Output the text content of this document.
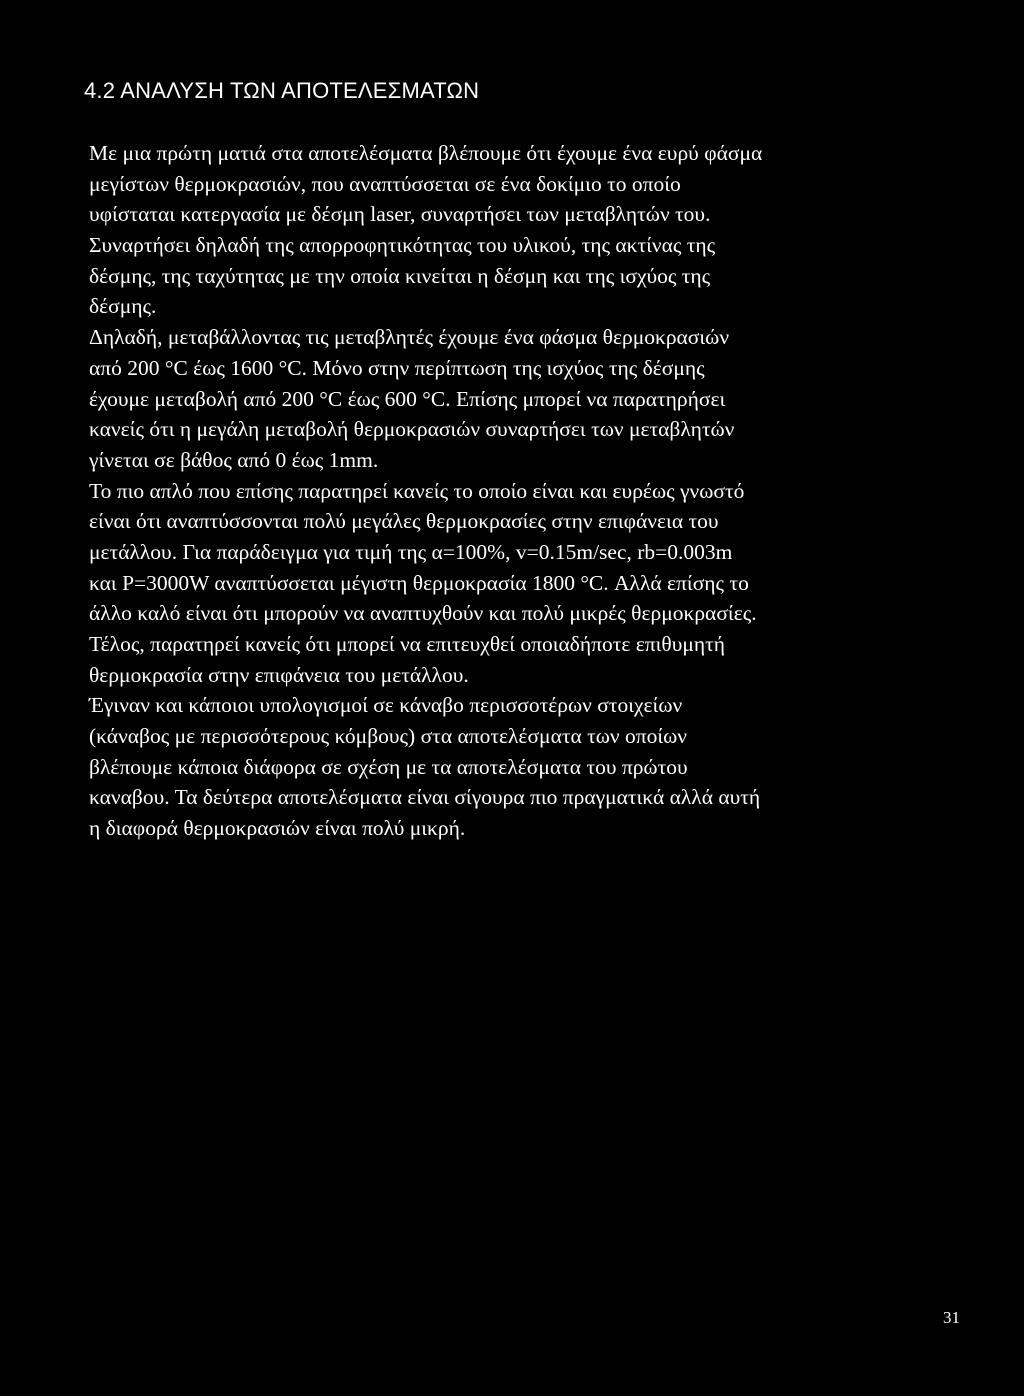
4.2 ΑΝΑΛΥΣΗ ΤΩΝ ΑΠΟΤΕΛΕΣΜΑΤΩΝ
Με μια πρώτη ματιά στα αποτελέσματα βλέπουμε ότι έχουμε ένα ευρύ φάσμα
μεγίστων θερμοκρασιών, που αναπτύσσεται σε ένα δοκίμιο το οποίο
υφίσταται κατεργασία με δέσμη laser, συναρτήσει των μεταβλητών του.
Συναρτήσει δηλαδή της απορροφητικότητας του υλικού, της ακτίνας της
δέσμης, της ταχύτητας με την οποία κινείται η δέσμη και της ισχύος της
δέσμης.
Δηλαδή, μεταβάλλοντας τις μεταβλητές έχουμε ένα φάσμα θερμοκρασιών
από 200 °C έως 1600 °C. Μόνο στην περίπτωση της ισχύος της δέσμης
έχουμε μεταβολή από 200 °C έως 600 °C. Επίσης μπορεί να παρατηρήσει
κανείς ότι η μεγάλη μεταβολή θερμοκρασιών συναρτήσει των μεταβλητών
γίνεται σε βάθος από 0 έως 1mm.
Το πιο απλό που επίσης παρατηρεί κανείς το οποίο είναι και ευρέως γνωστό
είναι ότι αναπτύσσονται πολύ μεγάλες θερμοκρασίες στην επιφάνεια του
μετάλλου. Για παράδειγμα για τιμή της α=100%, v=0.15m/sec, rb=0.003m
και P=3000W αναπτύσσεται μέγιστη θερμοκρασία 1800 °C. Αλλά επίσης το
άλλο καλό είναι ότι μπορούν να αναπτυχθούν και πολύ μικρές θερμοκρασίες.
Τέλος, παρατηρεί κανείς ότι μπορεί να επιτευχθεί οποιαδήποτε επιθυμητή
θερμοκρασία στην επιφάνεια του μετάλλου.
Έγιναν και κάποιοι υπολογισμοί σε κάναβο περισσοτέρων στοιχείων
(κάναβος με περισσότερους κόμβους) στα αποτελέσματα των οποίων
βλέπουμε κάποια διάφορα σε σχέση με τα αποτελέσματα του πρώτου
καναβου. Τα δεύτερα αποτελέσματα είναι σίγουρα πιο πραγματικά αλλά αυτή
η διαφορά θερμοκρασιών είναι πολύ μικρή.
31
